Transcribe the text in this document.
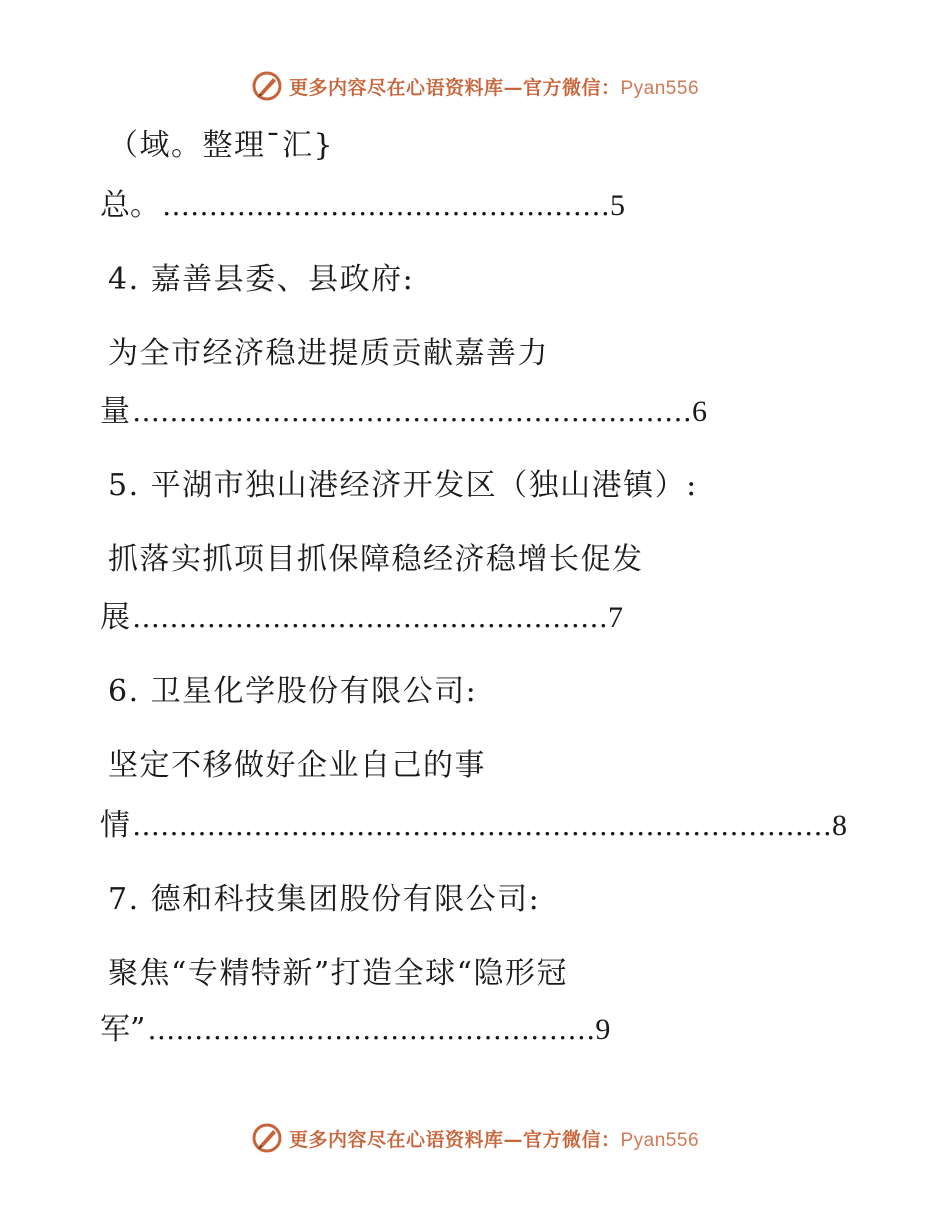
更多内容尽在心语资料库—官方微信：Pyan556
（域。整理¯汇}
总。 ………………………………………… 5
4. 嘉善县委、县政府:
为全市经济稳进提质贡献嘉善力
量 …………………………………………………… 6
5. 平湖市独山港经济开发区（独山港镇）:
抓落实抓项目抓保障稳经济稳增长促发
展 …………………………………………… 7
6. 卫星化学股份有限公司:
坚定不移做好企业自己的事
情 ………………………………………………………………… 8
7. 德和科技集团股份有限公司:
聚焦“专精特新”打造全球“隐形冠
军” ………………………………………… 9
更多内容尽在心语资料库—官方微信：Pyan556
